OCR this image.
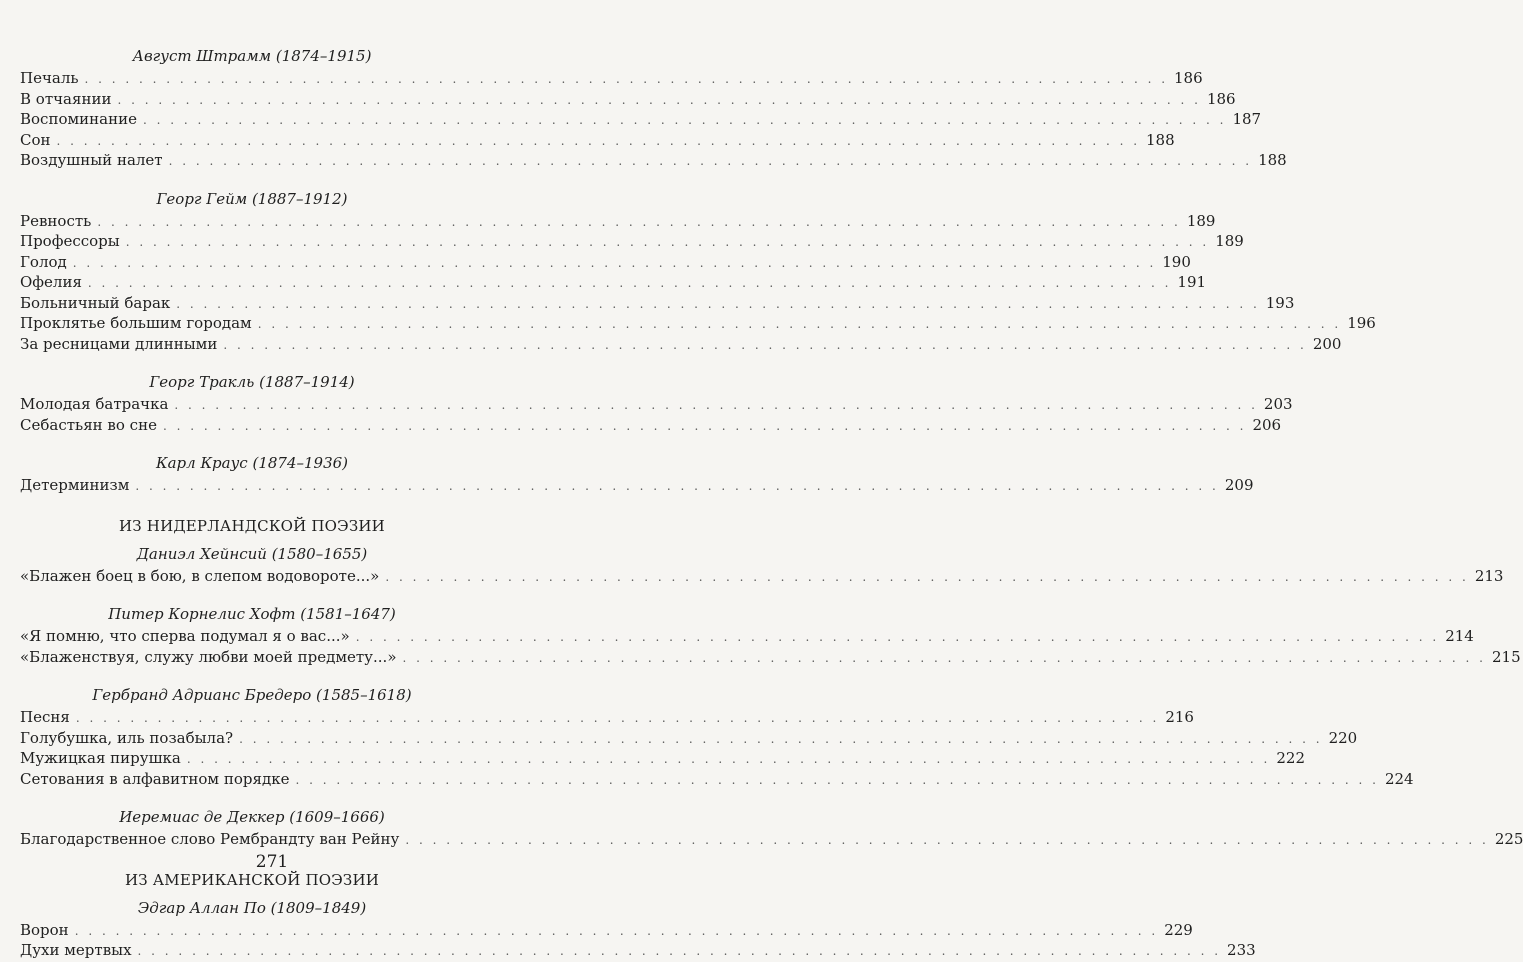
Август Штрамм (1874–1915)
Печаль . . . . . . . . . . . . . . . . . . . . . . . . . . . . . . . . . . . . . . . . . . . . . . . . . . . . . . . . . . . . . . . . . . . . . . . . . . . . . . . . 186
В отчаянии . . . . . . . . . . . . . . . . . . . . . . . . . . . . . . . . . . . . . . . . . . . . . . . . . . . . . . . . . . . . . . . . . . . . . . . . . . . . . . . . 186
Воспоминание . . . . . . . . . . . . . . . . . . . . . . . . . . . . . . . . . . . . . . . . . . . . . . . . . . . . . . . . . . . . . . . . . . . . . . . . . . . . . . . . 187
Сон . . . . . . . . . . . . . . . . . . . . . . . . . . . . . . . . . . . . . . . . . . . . . . . . . . . . . . . . . . . . . . . . . . . . . . . . . . . . . . . . 188
Воздушный налет . . . . . . . . . . . . . . . . . . . . . . . . . . . . . . . . . . . . . . . . . . . . . . . . . . . . . . . . . . . . . . . . . . . . . . . . . . . . . . . . 188
Георг Гейм (1887–1912)
Ревность . . . . . . . . . . . . . . . . . . . . . . . . . . . . . . . . . . . . . . . . . . . . . . . . . . . . . . . . . . . . . . . . . . . . . . . . . . . . . . . . 189
Профессоры . . . . . . . . . . . . . . . . . . . . . . . . . . . . . . . . . . . . . . . . . . . . . . . . . . . . . . . . . . . . . . . . . . . . . . . . . . . . . . . . 189
Голод . . . . . . . . . . . . . . . . . . . . . . . . . . . . . . . . . . . . . . . . . . . . . . . . . . . . . . . . . . . . . . . . . . . . . . . . . . . . . . . . 190
Офелия . . . . . . . . . . . . . . . . . . . . . . . . . . . . . . . . . . . . . . . . . . . . . . . . . . . . . . . . . . . . . . . . . . . . . . . . . . . . . . . . 191
Больничный барак . . . . . . . . . . . . . . . . . . . . . . . . . . . . . . . . . . . . . . . . . . . . . . . . . . . . . . . . . . . . . . . . . . . . . . . . . . . . . . . . 193
Проклятье большим городам . . . . . . . . . . . . . . . . . . . . . . . . . . . . . . . . . . . . . . . . . . . . . . . . . . . . . . . . . . . . . . . . . . . . . . . . . . . . . . . . 196
За ресницами длинными . . . . . . . . . . . . . . . . . . . . . . . . . . . . . . . . . . . . . . . . . . . . . . . . . . . . . . . . . . . . . . . . . . . . . . . . . . . . . . . . 200
Георг Тракль (1887–1914)
Молодая батрачка . . . . . . . . . . . . . . . . . . . . . . . . . . . . . . . . . . . . . . . . . . . . . . . . . . . . . . . . . . . . . . . . . . . . . . . . . . . . . . . . 203
Себастьян во сне . . . . . . . . . . . . . . . . . . . . . . . . . . . . . . . . . . . . . . . . . . . . . . . . . . . . . . . . . . . . . . . . . . . . . . . . . . . . . . . . 206
Карл Краус (1874–1936)
Детерминизм . . . . . . . . . . . . . . . . . . . . . . . . . . . . . . . . . . . . . . . . . . . . . . . . . . . . . . . . . . . . . . . . . . . . . . . . . . . . . . . . 209
ИЗ НИДЕРЛАНДСКОЙ ПОЭЗИИ
Даниэл Хейнсий (1580–1655)
«Блажен боец в бою, в слепом водовороте...» . . . . . . . . . . . . . . . . . . . . . . . . . . . . . . . . . . . . . . . . . . . . . . . . . . . . . . . . . . . . . . . . . . . . . . . . . . . . . . . . 213
Питер Корнелис Хофт (1581–1647)
«Я помню, что сперва подумал я о вас...» . . . . . . . . . . . . . . . . . . . . . . . . . . . . . . . . . . . . . . . . . . . . . . . . . . . . . . . . . . . . . . . . . . . . . . . . . . . . . . . . 214
«Блаженствуя, служу любви моей предмету...» . . . . . . . . . . . . . . . . . . . . . . . . . . . . . . . . . . . . . . . . . . . . . . . . . . . . . . . . . . . . . . . . . . . . . . . . . . . . . . . . 215
Гербранд Адрианс Бредеро (1585–1618)
Песня . . . . . . . . . . . . . . . . . . . . . . . . . . . . . . . . . . . . . . . . . . . . . . . . . . . . . . . . . . . . . . . . . . . . . . . . . . . . . . . . 216
Голубушка, иль позабыла? . . . . . . . . . . . . . . . . . . . . . . . . . . . . . . . . . . . . . . . . . . . . . . . . . . . . . . . . . . . . . . . . . . . . . . . . . . . . . . . . 220
Мужицкая пирушка . . . . . . . . . . . . . . . . . . . . . . . . . . . . . . . . . . . . . . . . . . . . . . . . . . . . . . . . . . . . . . . . . . . . . . . . . . . . . . . . 222
Сетования в алфавитном порядке . . . . . . . . . . . . . . . . . . . . . . . . . . . . . . . . . . . . . . . . . . . . . . . . . . . . . . . . . . . . . . . . . . . . . . . . . . . . . . . . 224
Иеремиас де Деккер (1609–1666)
Благодарственное слово Рембрандту ван Рейну . . . . . . . . . . . . . . . . . . . . . . . . . . . . . . . . . . . . . . . . . . . . . . . . . . . . . . . . . . . . . . . . . . . . . . . . . . . . . . . . 225
ИЗ АМЕРИКАНСКОЙ ПОЭЗИИ
Эдгар Аллан По (1809–1849)
Ворон . . . . . . . . . . . . . . . . . . . . . . . . . . . . . . . . . . . . . . . . . . . . . . . . . . . . . . . . . . . . . . . . . . . . . . . . . . . . . . . . 229
Духи мертвых . . . . . . . . . . . . . . . . . . . . . . . . . . . . . . . . . . . . . . . . . . . . . . . . . . . . . . . . . . . . . . . . . . . . . . . . . . . . . . . . 233
271
